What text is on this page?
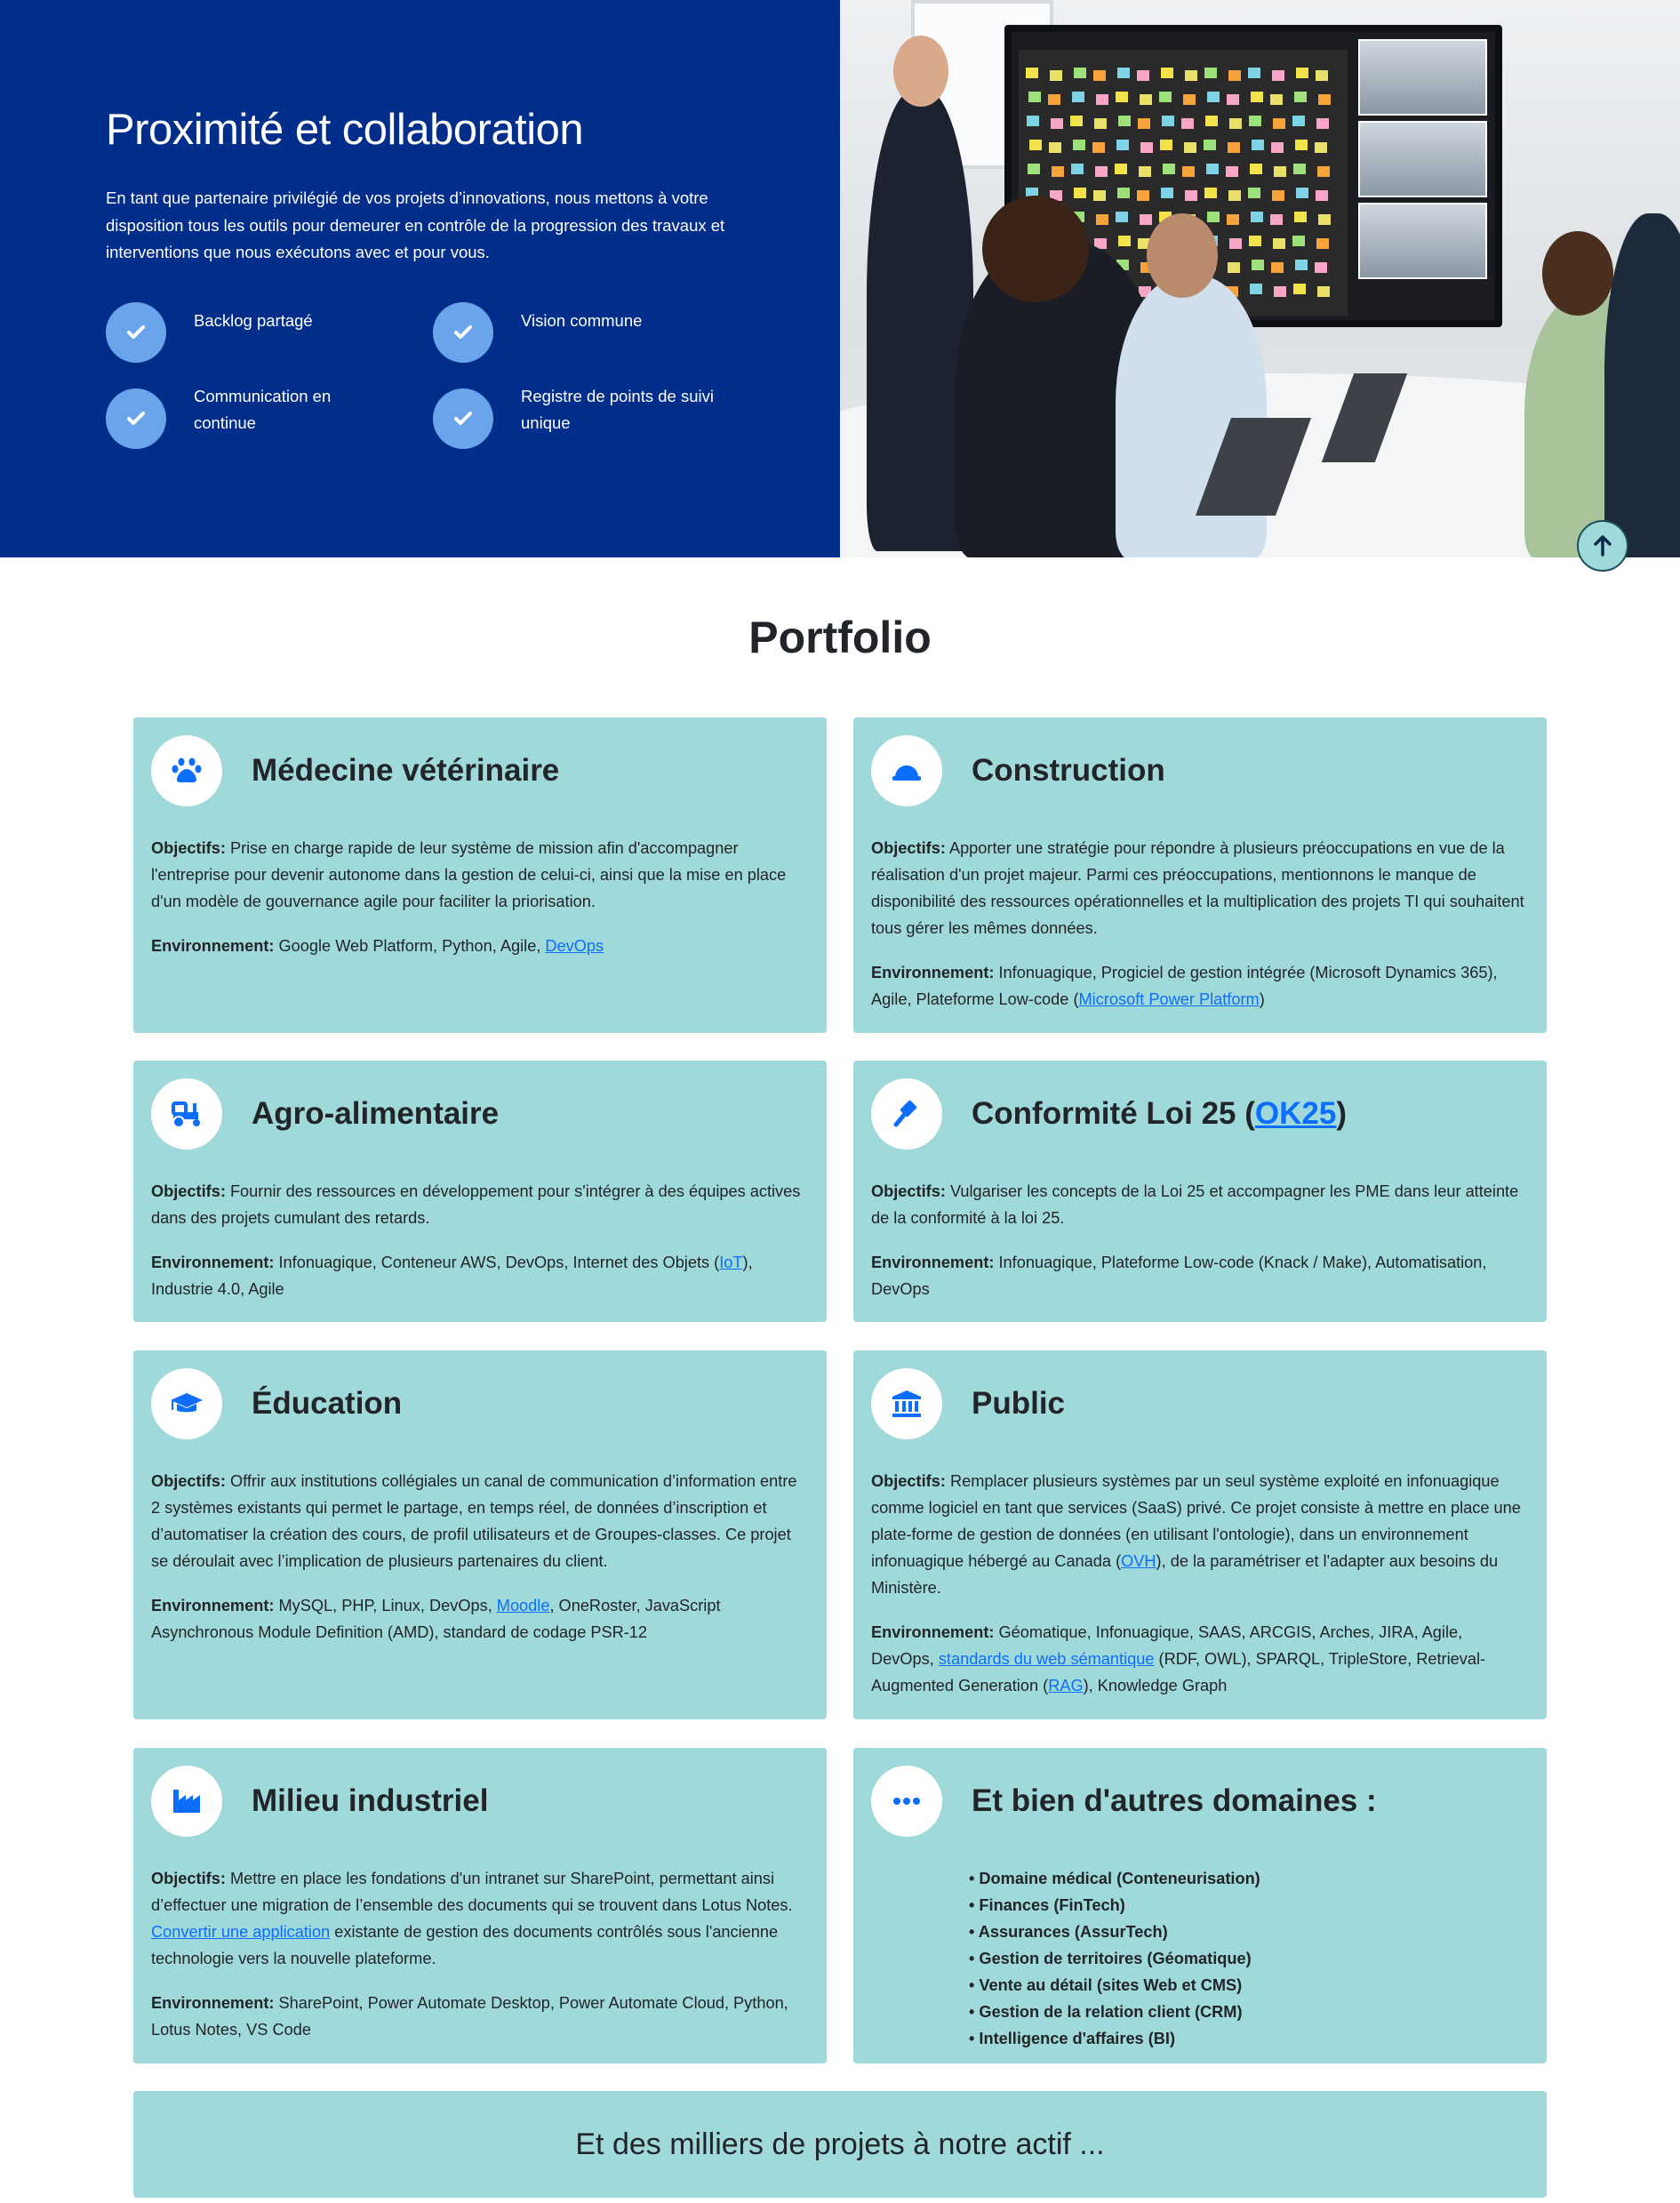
Proximité et collaboration

En tant que partenaire privilégié de vos projets d’innovations, nous mettons à votre disposition tous les outils pour demeurer en contrôle de la progression des travaux et interventions que nous exécutons avec et pour vous.

Backlog partagé	Vision commune
Communication en continue
Registre de points de suivi unique
Portfolio
Médecine vétérinaire

Objectifs: Prise en charge rapide de leur système de mission afin d'accompagner l'entreprise pour devenir autonome dans la gestion de celui-ci, ainsi que la mise en place d'un modèle de gouvernance agile pour faciliter la priorisation.

Environnement: Google Web Platform, Python, Agile, DevOps

Construction

Objectifs: Apporter une stratégie pour répondre à plusieurs préoccupations en vue de la réalisation d'un projet majeur. Parmi ces préoccupations, mentionnons le manque de disponibilité des ressources opérationnelles et la multiplication des projets TI qui souhaitent tous gérer les mêmes données.

Environnement: Infonuagique, Progiciel de gestion intégrée (Microsoft Dynamics 365), Agile, Plateforme Low-code (Microsoft Power Platform)

Agro-alimentaire

Objectifs: Fournir des ressources en développement pour s'intégrer à des équipes actives dans des projets cumulant des retards.

Environnement: Infonuagique, Conteneur AWS, DevOps, Internet des Objets (IoT), Industrie 4.0, Agile

Conformité Loi 25 (OK25)

Objectifs: Vulgariser les concepts de la Loi 25 et accompagner les PME dans leur atteinte de la conformité à la loi 25.

Environnement: Infonuagique, Plateforme Low-code (Knack / Make), Automatisation, DevOps

Éducation

Objectifs: Offrir aux institutions collégiales un canal de communication d’information entre 2 systèmes existants qui permet le partage, en temps réel, de données d’inscription et d’automatiser la création des cours, de profil utilisateurs et de Groupes-classes. Ce projet se déroulait avec l’implication de plusieurs partenaires du client.

Environnement: MySQL, PHP, Linux, DevOps, Moodle, OneRoster, JavaScript Asynchronous Module Definition (AMD), standard de codage PSR-12

Public

Objectifs: Remplacer plusieurs systèmes par un seul système exploité en infonuagique comme logiciel en tant que services (SaaS) privé. Ce projet consiste à mettre en place une plate-forme de gestion de données (en utilisant l'ontologie), dans un environnement infonuagique hébergé au Canada (OVH), de la paramétriser et l'adapter aux besoins du Ministère.

Environnement: Géomatique, Infonuagique, SAAS, ARCGIS, Arches, JIRA, Agile, DevOps, standards du web sémantique (RDF, OWL), SPARQL, TripleStore, Retrieval-Augmented Generation (RAG), Knowledge Graph

Milieu industriel

Objectifs: Mettre en place les fondations d'un intranet sur SharePoint, permettant ainsi d’effectuer une migration de l’ensemble des documents qui se trouvent dans Lotus Notes. Convertir une application existante de gestion des documents contrôlés sous l'ancienne technologie vers la nouvelle plateforme.

Environnement: SharePoint, Power Automate Desktop, Power Automate Cloud, Python, Lotus Notes, VS Code

Et bien d'autres domaines :
• Domaine médical (Conteneurisation)
• Finances (FinTech)
• Assurances (AssurTech)
• Gestion de territoires (Géomatique)
• Vente au détail (sites Web et CMS)
• Gestion de la relation client (CRM)
• Intelligence d'affaires (BI)
Et des milliers de projets à notre actif ...
